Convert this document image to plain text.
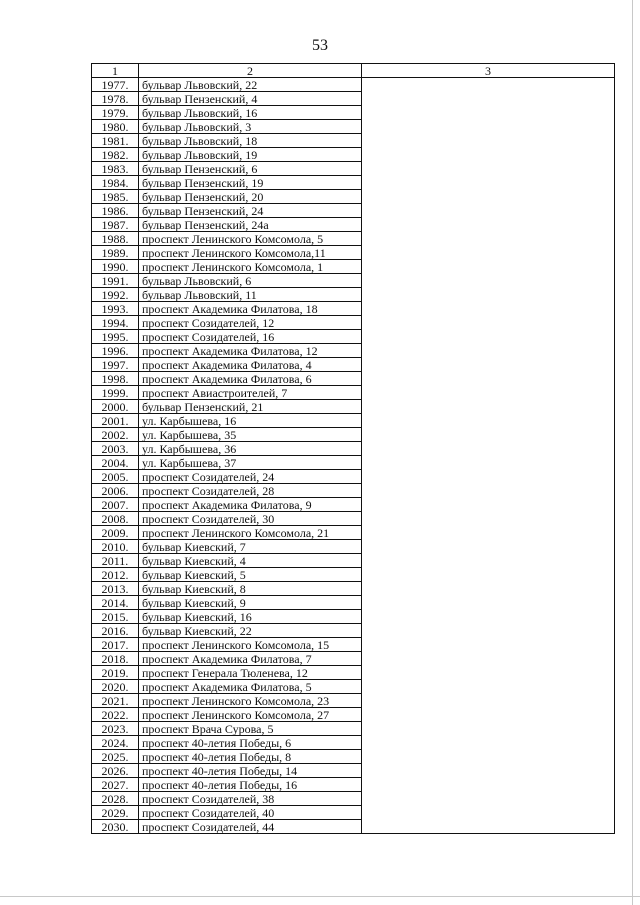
53
1	2	3
1977.	бульвар Львовский, 22	
1978.	бульвар Пензенский, 4	
1979.	бульвар Львовский, 16	
1980.	бульвар Львовский, 3	
1981.	бульвар Львовский, 18	
1982.	бульвар Львовский, 19	
1983.	бульвар Пензенский, 6	
1984.	бульвар Пензенский, 19	
1985.	бульвар Пензенский, 20	
1986.	бульвар Пензенский, 24	
1987.	бульвар Пензенский, 24а	
1988.	проспект Ленинского Комсомола, 5	
1989.	проспект Ленинского Комсомола,11	
1990.	проспект Ленинского Комсомола, 1	
1991.	бульвар Львовский, 6	
1992.	бульвар Львовский, 11	
1993.	проспект Академика Филатова, 18	
1994.	проспект Созидателей, 12	
1995.	проспект Созидателей, 16	
1996.	проспект Академика Филатова, 12	
1997.	проспект Академика Филатова, 4	
1998.	проспект Академика Филатова, 6	
1999.	проспект Авиастроителей, 7	
2000.	бульвар Пензенский, 21	
2001.	ул. Карбышева, 16	
2002.	ул. Карбышева, 35	
2003.	ул. Карбышева, 36	
2004.	ул. Карбышева, 37	
2005.	проспект Созидателей, 24	
2006.	проспект Созидателей, 28	
2007.	проспект Академика Филатова, 9	
2008.	проспект Созидателей, 30	
2009.	проспект Ленинского Комсомола, 21	
2010.	бульвар Киевский, 7	
2011.	бульвар Киевский, 4	
2012.	бульвар Киевский, 5	
2013.	бульвар Киевский, 8	
2014.	бульвар Киевский, 9	
2015.	бульвар Киевский, 16	
2016.	бульвар Киевский, 22	
2017.	проспект Ленинского Комсомола, 15	
2018.	проспект Академика Филатова, 7	
2019.	проспект Генерала Тюленева, 12	
2020.	проспект Академика Филатова, 5	
2021.	проспект Ленинского Комсомола, 23	
2022.	проспект Ленинского Комсомола, 27	
2023.	проспект Врача Сурова, 5	
2024.	проспект 40-летия Победы, 6	
2025.	проспект 40-летия Победы, 8	
2026.	проспект 40-летия Победы, 14	
2027.	проспект 40-летия Победы, 16	
2028.	проспект Созидателей, 38	
2029.	проспект Созидателей, 40	
2030.	проспект Созидателей, 44	
